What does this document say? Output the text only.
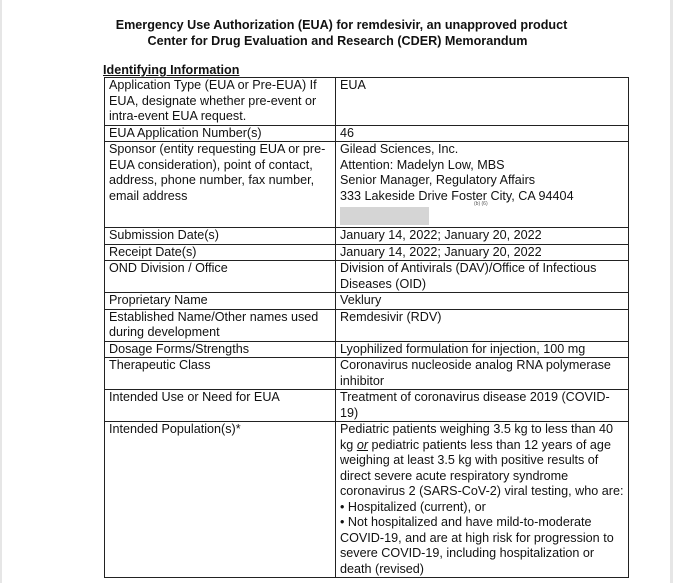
Emergency Use Authorization (EUA) for remdesivir, an unapproved product
Center for Drug Evaluation and Research (CDER) Memorandum
Identifying Information
Application Type (EUA or Pre-EUA) If EUA, designate whether pre-event or intra-event EUA request.	EUA
EUA Application Number(s)	46
Sponsor (entity requesting EUA or pre-EUA consideration), point of contact, address, phone number, fax number, email address	Gilead Sciences, Inc.
Attention: Madelyn Low, MBS
Senior Manager, Regulatory Affairs
333 Lakeside Drive Foster City, CA 94404

Submission Date(s)	January 14, 2022; January 20, 2022
Receipt Date(s)	January 14, 2022; January 20, 2022
OND Division / Office	Division of Antivirals (DAV)/Office of Infectious Diseases (OID)
Proprietary Name	Veklury
Established Name/Other names used during development	Remdesivir (RDV)
Dosage Forms/Strengths	Lyophilized formulation for injection, 100 mg
Therapeutic Class	Coronavirus nucleoside analog RNA polymerase inhibitor
Intended Use or Need for EUA	Treatment of coronavirus disease 2019 (COVID-19)
Intended Population(s)*	Pediatric patients weighing 3.5 kg to less than 40 kg or pediatric patients less than 12 years of age weighing at least 3.5 kg with positive results of direct severe acute respiratory syndrome coronavirus 2 (SARS-CoV-2) viral testing, who are:
• Hospitalized (current), or
• Not hospitalized and have mild-to-moderate COVID-19, and are at high risk for progression to severe COVID-19, including hospitalization or death (revised)
(b) (6)
